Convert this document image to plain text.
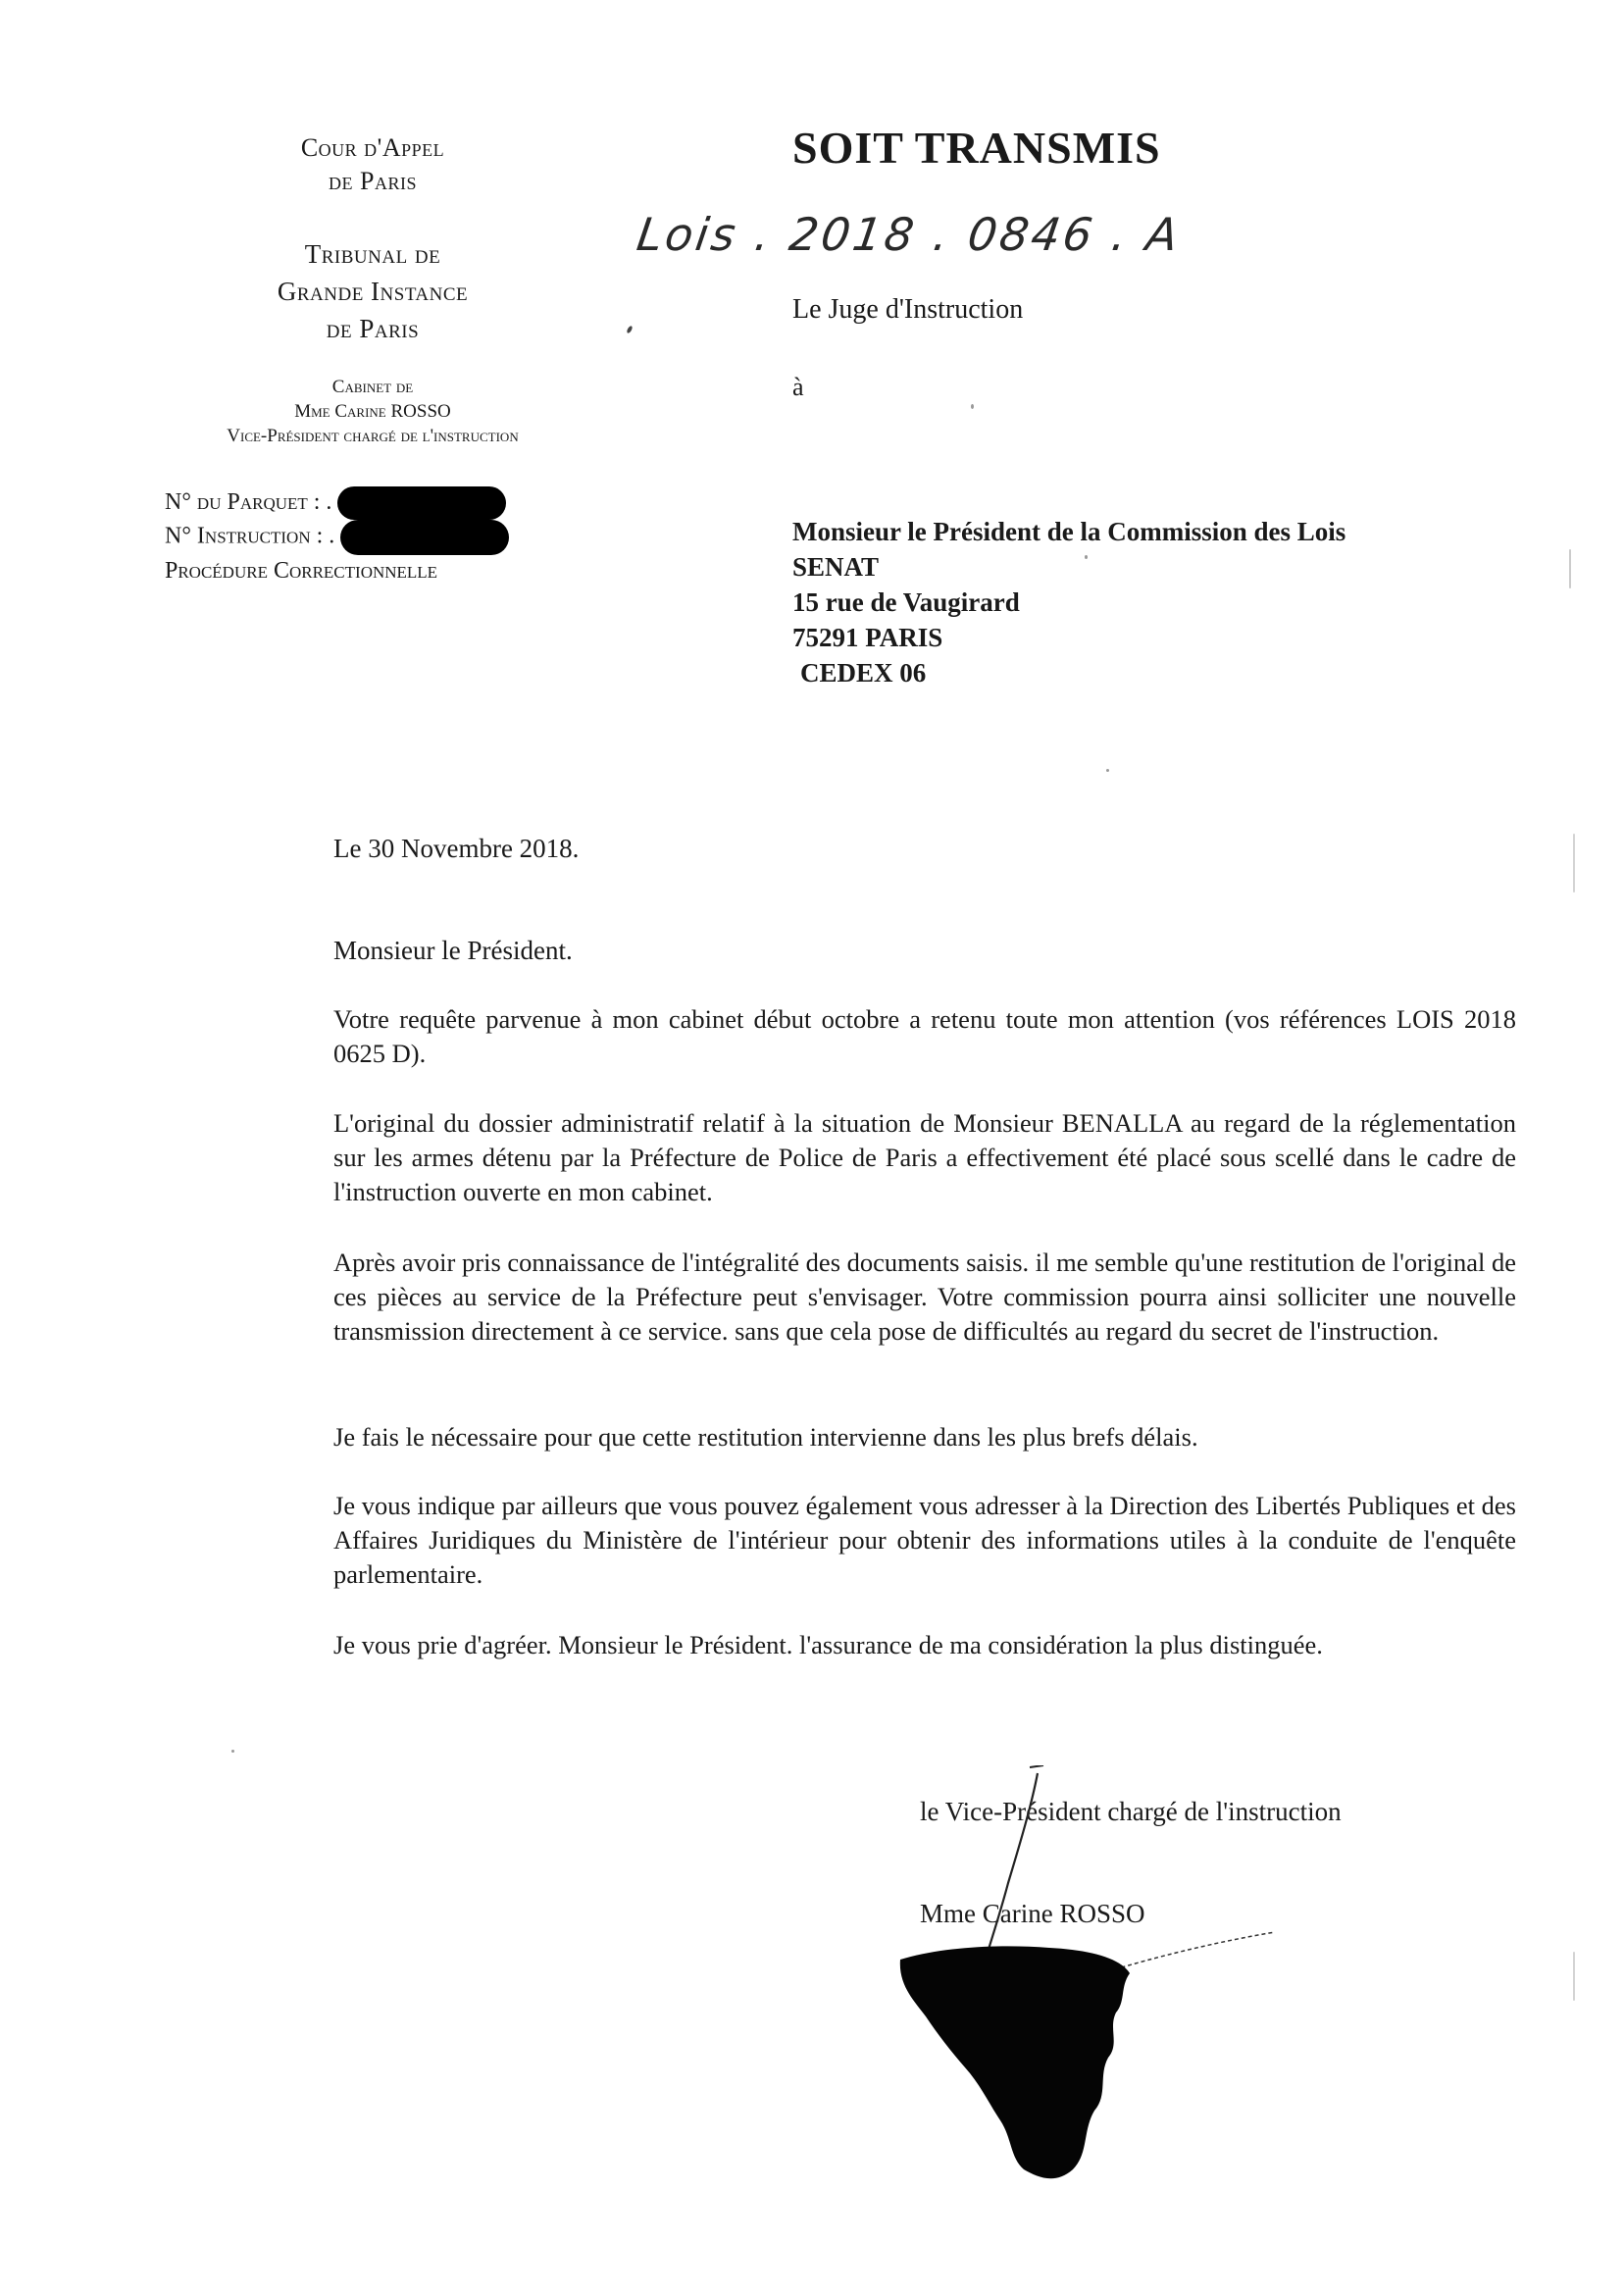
Cour d'Appel
de Paris
Tribunal de
Grande Instance
de Paris
Cabinet de
Mme Carine ROSSO
Vice-Président chargé de l'instruction
N° du Parquet : .
N° Instruction : .
Procédure Correctionnelle
SOIT TRANSMIS
Lois . 2018 . 0846 . A
Le Juge d'Instruction
à
Monsieur le Président de la Commission des Lois
SENAT
15 rue de Vaugirard
75291 PARIS
CEDEX 06
Le 30 Novembre 2018.
Monsieur le Président.
Votre requête parvenue à mon cabinet début octobre a retenu toute mon attention (vos références LOIS 2018 0625 D).
L'original du dossier administratif relatif à la situation de Monsieur BENALLA au regard de la réglementation sur les armes détenu par la Préfecture de Police de Paris a effectivement été placé sous scellé dans le cadre de l'instruction ouverte en mon cabinet.
Après avoir pris connaissance de l'intégralité des documents saisis. il me semble qu'une restitution de l'original de ces pièces au service de la Préfecture peut s'envisager. Votre commission pourra ainsi solliciter une nouvelle transmission directement à ce service. sans que cela pose de difficultés au regard du secret de l'instruction.
Je fais le nécessaire pour que cette restitution intervienne dans les plus brefs délais.
Je vous indique par ailleurs que vous pouvez également vous adresser à la Direction des Libertés Publiques et des Affaires Juridiques du Ministère de l'intérieur pour obtenir des informations utiles à la conduite de l'enquête parlementaire.
Je vous prie d'agréer. Monsieur le Président. l'assurance de ma considération la plus distinguée.
le Vice-Président chargé de l'instruction
Mme Carine ROSSO
